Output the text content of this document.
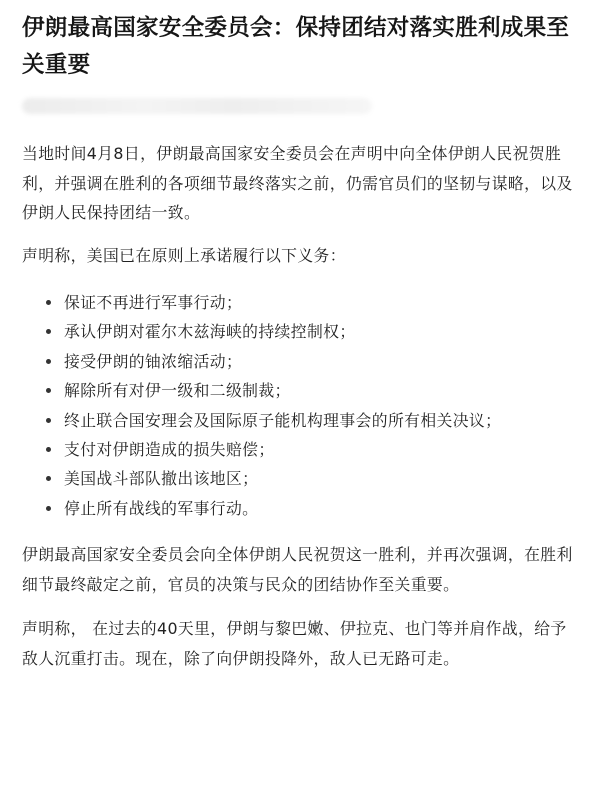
伊朗最高国家安全委员会：保持团结对落实胜利成果至关重要

当地时间4月8日，伊朗最高国家安全委员会在声明中向全体伊朗人民祝贺胜利，并强调在胜利的各项细节最终落实之前，仍需官员们的坚韧与谋略，以及伊朗人民保持团结一致。

声明称，美国已在原则上承诺履行以下义务：

保证不再进行军事行动；
承认伊朗对霍尔木兹海峡的持续控制权；
接受伊朗的铀浓缩活动；
解除所有对伊一级和二级制裁；
终止联合国安理会及国际原子能机构理事会的所有相关决议；
支付对伊朗造成的损失赔偿；
美国战斗部队撤出该地区；
停止所有战线的军事行动。

伊朗最高国家安全委员会向全体伊朗人民祝贺这一胜利，并再次强调，在胜利细节最终敲定之前，官员的决策与民众的团结协作至关重要。

声明称， 在过去的40天里，伊朗与黎巴嫩、伊拉克、也门等并肩作战，给予敌人沉重打击。现在，除了向伊朗投降外，敌人已无路可走。
